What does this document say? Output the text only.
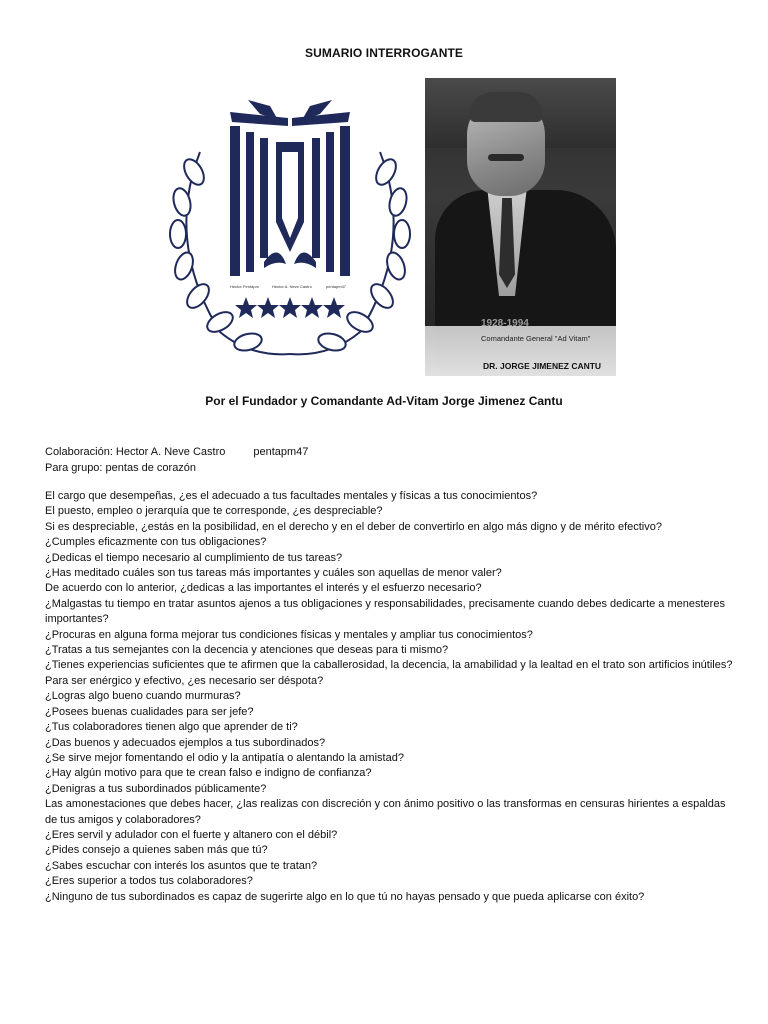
SUMARIO INTERROGANTE
Hector Pentapm	Hector A. Neve Castro	pentapm47
1928-1994
Comandante General "Ad Vitam"
DR. JORGE JIMENEZ CANTU
Por el Fundador y Comandante Ad-Vitam Jorge Jimenez Cantu
Colaboración: Hector A. Neve Castro	pentapm47
Para grupo: pentas de corazón
El cargo que desempeñas, ¿es el adecuado a tus facultades mentales y físicas a tus conocimientos?
El puesto, empleo o jerarquía que te corresponde, ¿es despreciable?
Si es despreciable, ¿estás en la posibilidad, en el derecho y en el deber de convertirlo en algo más digno y de mérito efectivo?
¿Cumples eficazmente con tus obligaciones?
¿Dedicas el tiempo necesario al cumplimiento de tus tareas?
¿Has meditado cuáles son tus tareas más importantes y cuáles son aquellas de menor valer?
De acuerdo con lo anterior, ¿dedicas a las importantes el interés y el esfuerzo necesario?
¿Malgastas tu tiempo en tratar asuntos ajenos a tus obligaciones y responsabilidades, precisamente cuando debes dedicarte a menesteres importantes?
¿Procuras en alguna forma mejorar tus condiciones físicas y mentales y ampliar tus conocimientos?
¿Tratas a tus semejantes con la decencia y atenciones que deseas para ti mismo?
¿Tienes experiencias suficientes que te afirmen que la caballerosidad, la decencia, la amabilidad y la lealtad en el trato son artificios inútiles?
Para ser enérgico y efectivo, ¿es necesario ser déspota?
¿Logras algo bueno cuando murmuras?
¿Posees buenas cualidades para ser jefe?
¿Tus colaboradores tienen algo que aprender de ti?
¿Das buenos y adecuados ejemplos a tus subordinados?
¿Se sirve mejor fomentando el odio y la antipatía o alentando la amistad?
¿Hay algún motivo para que te crean falso e indigno de confianza?
¿Denigras a tus subordinados públicamente?
Las amonestaciones que debes hacer, ¿las realizas con discreción y con ánimo positivo o las transformas en censuras hirientes a espaldas de tus amigos y colaboradores?
¿Eres servil y adulador con el fuerte y altanero con el débil?
¿Pides consejo a quienes saben más que tú?
¿Sabes escuchar con interés los asuntos que te tratan?
¿Eres superior a todos tus colaboradores?
¿Ninguno de tus subordinados es capaz de sugerirte algo en lo que tú no hayas pensado y que pueda aplicarse con éxito?
